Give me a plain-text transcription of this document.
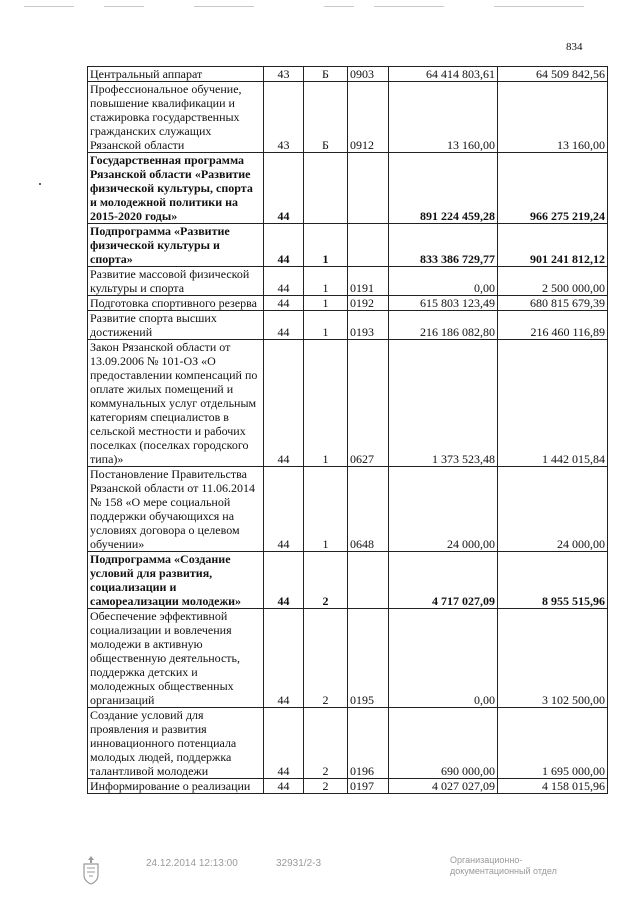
834
Центральный аппарат	43	Б	0903	64 414 803,61	64 509 842,56
Профессиональное обучение, повышение квалификации и стажировка государственных гражданских служащих Рязанской области	43	Б	0912	13 160,00	13 160,00
Государственная программа Рязанской области «Развитие физической культуры, спорта и молодежной политики на 2015-2020 годы»	44			891 224 459,28	966 275 219,24
Подпрограмма «Развитие физической культуры и спорта»	44	1		833 386 729,77	901 241 812,12
Развитие массовой физической культуры и спорта	44	1	0191	0,00	2 500 000,00
Подготовка спортивного резерва	44	1	0192	615 803 123,49	680 815 679,39
Развитие спорта высших достижений	44	1	0193	216 186 082,80	216 460 116,89
Закон Рязанской области от 13.09.2006 № 101-ОЗ «О предоставлении компенсаций по оплате жилых помещений и коммунальных услуг отдельным категориям специалистов в сельской местности и рабочих поселках (поселках городского типа)»	44	1	0627	1 373 523,48	1 442 015,84
Постановление Правительства Рязанской области от 11.06.2014 № 158 «О мере социальной поддержки обучающихся на условиях договора о целевом обучении»	44	1	0648	24 000,00	24 000,00
Подпрограмма «Создание условий для развития, социализации и самореализации молодежи»	44	2		4 717 027,09	8 955 515,96
Обеспечение эффективной социализации и вовлечения молодежи в активную общественную деятельность, поддержка детских и молодежных общественных организаций	44	2	0195	0,00	3 102 500,00
Создание условий для проявления и развития инновационного потенциала молодых людей, поддержка талантливой молодежи	44	2	0196	690 000,00	1 695 000,00
Информирование о реализации	44	2	0197	4 027 027,09	4 158 015,96
24.12.2014 12:13:00	32931/2-3	Организационно-
документационный отдел
